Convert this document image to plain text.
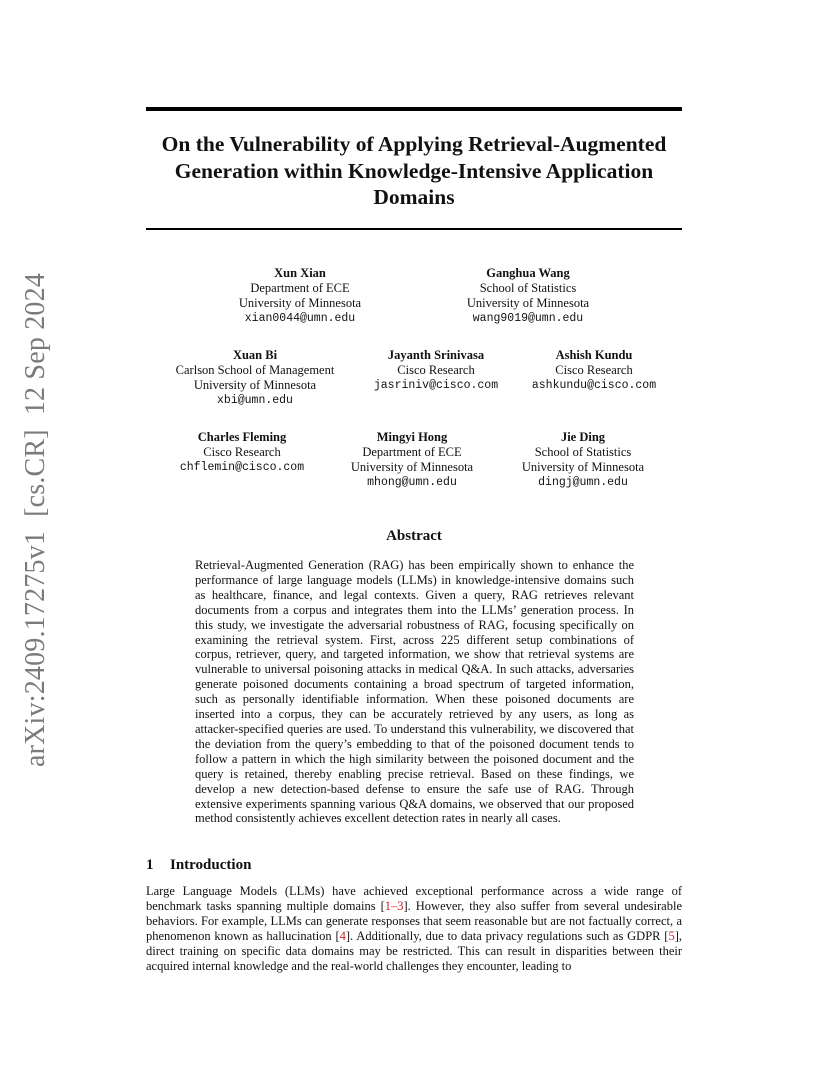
arXiv:2409.17275v1[cs.CR]12 Sep 2024
On the Vulnerability of Applying Retrieval-Augmented Generation within Knowledge-Intensive Application Domains
Xun Xian
Department of ECE
University of Minnesota
xian0044@umn.edu
Ganghua Wang
School of Statistics
University of Minnesota
wang9019@umn.edu
Xuan Bi
Carlson School of Management
University of Minnesota
xbi@umn.edu
Jayanth Srinivasa
Cisco Research
jasriniv@cisco.com
Ashish Kundu
Cisco Research
ashkundu@cisco.com
Charles Fleming
Cisco Research
chflemin@cisco.com
Mingyi Hong
Department of ECE
University of Minnesota
mhong@umn.edu
Jie Ding
School of Statistics
University of Minnesota
dingj@umn.edu
Abstract

Retrieval-Augmented Generation (RAG) has been empirically shown to enhance the performance of large language models (LLMs) in knowledge-intensive domains such as healthcare, finance, and legal contexts. Given a query, RAG retrieves relevant documents from a corpus and integrates them into the LLMs’ generation process. In this study, we investigate the adversarial robustness of RAG, focusing specifically on examining the retrieval system. First, across 225 different setup combinations of corpus, retriever, query, and targeted information, we show that retrieval systems are vulnerable to universal poisoning attacks in medical Q&A. In such attacks, adversaries generate poisoned documents containing a broad spectrum of targeted information, such as personally identifiable information. When these poisoned documents are inserted into a corpus, they can be accurately retrieved by any users, as long as attacker-specified queries are used. To understand this vulnerability, we discovered that the deviation from the query’s embedding to that of the poisoned document tends to follow a pattern in which the high similarity between the poisoned document and the query is retained, thereby enabling precise retrieval. Based on these findings, we develop a new detection-based defense to ensure the safe use of RAG. Through extensive experiments spanning various Q&A domains, we observed that our proposed method consistently achieves excellent detection rates in nearly all cases.

1 Introduction

Large Language Models (LLMs) have achieved exceptional performance across a wide range of benchmark tasks spanning multiple domains [1–3]. However, they also suffer from several undesirable behaviors. For example, LLMs can generate responses that seem reasonable but are not factually correct, a phenomenon known as hallucination [4]. Additionally, due to data privacy regulations such as GDPR [5], direct training on specific data domains may be restricted. This can result in disparities between their acquired internal knowledge and the real-world challenges they encounter, leading to
